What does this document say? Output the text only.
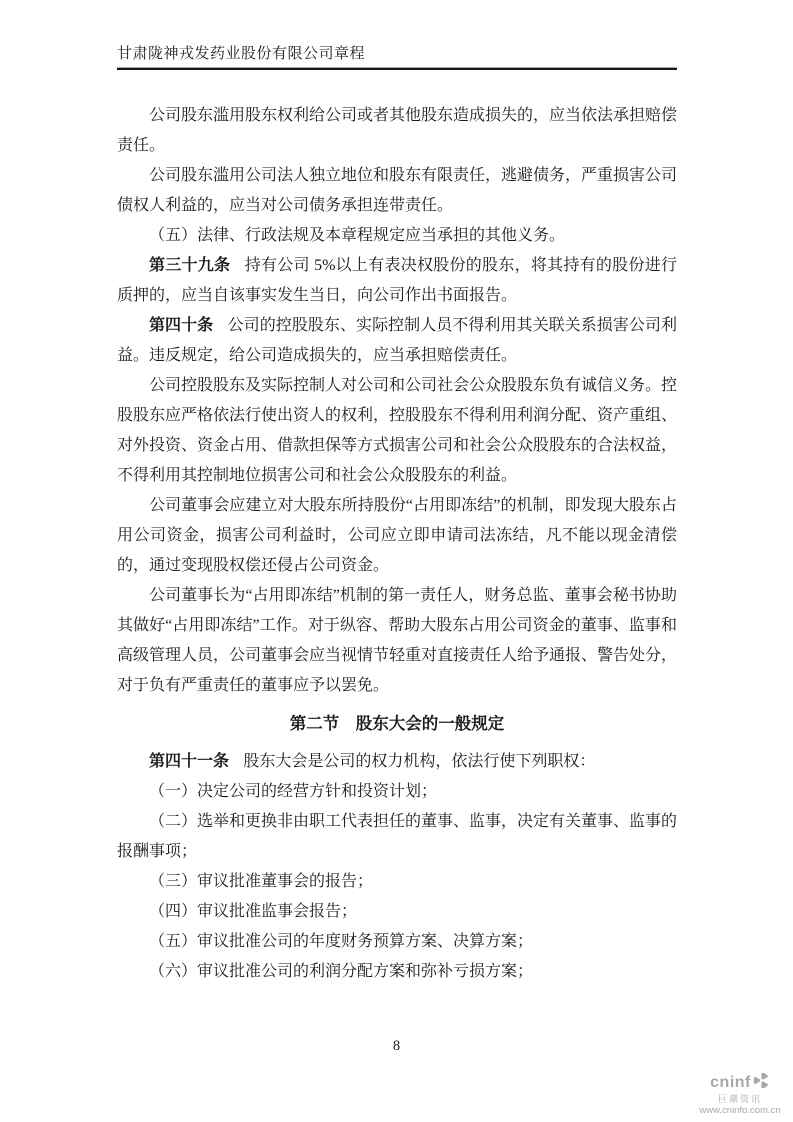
甘肃陇神戎发药业股份有限公司章程

公司股东滥用股东权利给公司或者其他股东造成损失的，应当依法承担赔偿责任。

公司股东滥用公司法人独立地位和股东有限责任，逃避债务，严重损害公司债权人利益的，应当对公司债务承担连带责任。

（五）法律、行政法规及本章程规定应当承担的其他义务。

第三十九条 持有公司 5%以上有表决权股份的股东，将其持有的股份进行质押的，应当自该事实发生当日，向公司作出书面报告。

第四十条 公司的控股股东、实际控制人员不得利用其关联关系损害公司利益。违反规定，给公司造成损失的，应当承担赔偿责任。

公司控股股东及实际控制人对公司和公司社会公众股股东负有诚信义务。控股股东应严格依法行使出资人的权利，控股股东不得利用利润分配、资产重组、对外投资、资金占用、借款担保等方式损害公司和社会公众股股东的合法权益，不得利用其控制地位损害公司和社会公众股股东的利益。

公司董事会应建立对大股东所持股份“占用即冻结”的机制，即发现大股东占用公司资金，损害公司利益时，公司应立即申请司法冻结，凡不能以现金清偿的，通过变现股权偿还侵占公司资金。

公司董事长为“占用即冻结”机制的第一责任人，财务总监、董事会秘书协助其做好“占用即冻结”工作。对于纵容、帮助大股东占用公司资金的董事、监事和高级管理人员，公司董事会应当视情节轻重对直接责任人给予通报、警告处分，对于负有严重责任的董事应予以罢免。

第二节 股东大会的一般规定

第四十一条 股东大会是公司的权力机构，依法行使下列职权：

（一）决定公司的经营方针和投资计划；

（二）选举和更换非由职工代表担任的董事、监事，决定有关董事、监事的报酬事项；

（三）审议批准董事会的报告；

（四）审议批准监事会报告；

（五）审议批准公司的年度财务预算方案、决算方案；

（六）审议批准公司的利润分配方案和弥补亏损方案；

8
cninf
巨潮资讯
www.cninfo.com.cn
